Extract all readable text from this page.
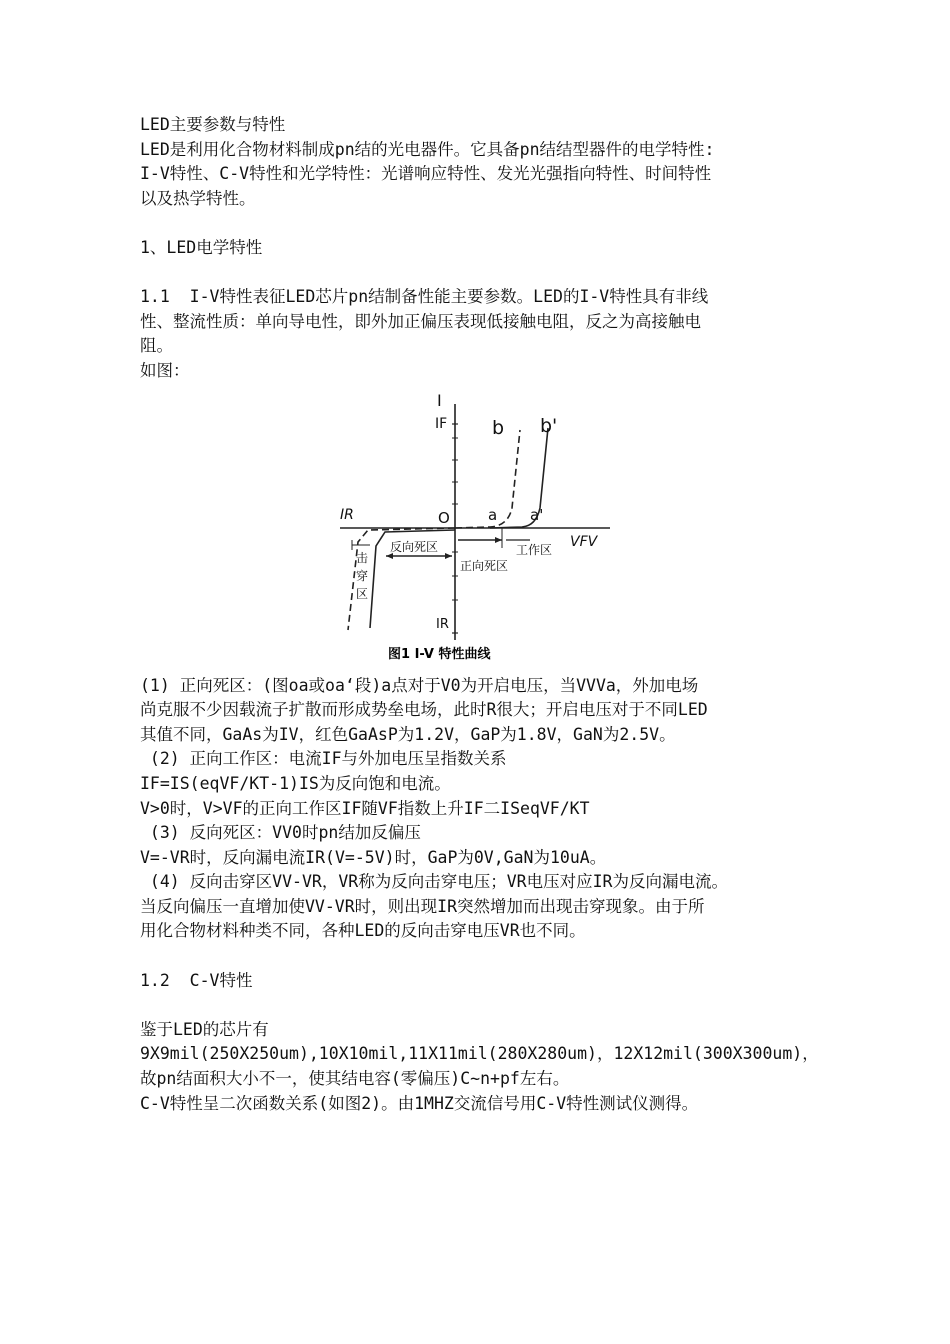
LED主要参数与特性

LED是利用化合物材料制成pn结的光电器件。它具备pn结结型器件的电学特性:

I-V特性、C-V特性和光学特性：光谱响应特性、发光光强指向特性、时间特性

以及热学特性。

1、LED电学特性

1.1  I-V特性表征LED芯片pn结制备性能主要参数。LED的I-V特性具有非线

性、整流性质：单向导电性，即外加正偏压表现低接触电阻，反之为高接触电

阻。

如图：

I
IF
IR	O	a a'
b b'
VFV
击
穿
区
反向死区
正向死区
工作区
IR
图1 I-V 特性曲线

(1) 正向死区：(图oa或oa‘段)a点对于V0为开启电压，当VVVa，外加电场

尚克服不少因载流子扩散而形成势垒电场，此时R很大；开启电压对于不同LED

其值不同，GaAs为IV，红色GaAsP为1.2V，GaP为1.8V，GaN为2.5V。

(2) 正向工作区：电流IF与外加电压呈指数关系

IF=IS(eqVF/KT-1)IS为反向饱和电流。

V>0时，V>VF的正向工作区IF随VF指数上升IF二ISeqVF/KT

(3) 反向死区：VV0时pn结加反偏压

V=-VR时，反向漏电流IR(V=-5V)时，GaP为0V,GaN为10uA。

(4) 反向击穿区VV-VR，VR称为反向击穿电压；VR电压对应IR为反向漏电流。

当反向偏压一直增加使VV-VR时，则出现IR突然增加而出现击穿现象。由于所

用化合物材料种类不同，各种LED的反向击穿电压VR也不同。

1.2  C-V特性

鉴于LED的芯片有

9X9mil(250X250um),10X10mil,11X11mil(280X280um)，12X12mil(300X300um)，

故pn结面积大小不一，使其结电容(零偏压)C~n+pf左右。

C-V特性呈二次函数关系(如图2)。由1MHZ交流信号用C-V特性测试仪测得。
